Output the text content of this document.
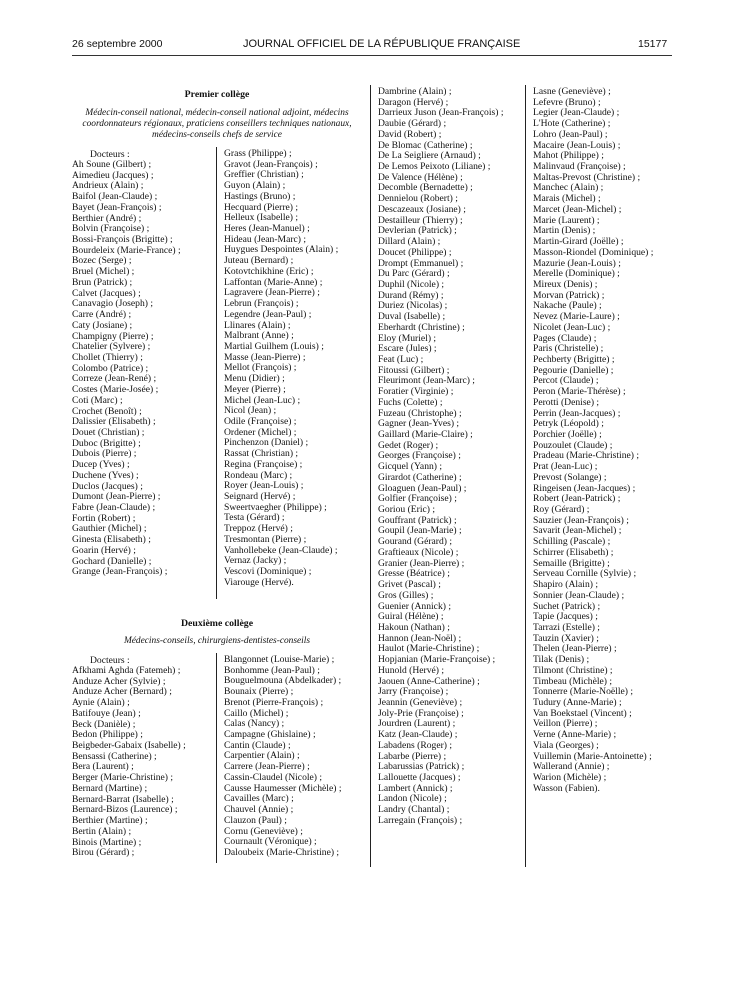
26 septembre 2000	JOURNAL OFFICIEL DE LA RÉPUBLIQUE FRANÇAISE	15177
Premier collège
Médecin-conseil national, médecin-conseil national adjoint, médecins coordonnateurs régionaux, praticiens conseillers techniques nationaux, médecins-conseils chefs de service
Docteurs :
Ah Soune (Gilbert) ;
Aimedieu (Jacques) ;
Andrieux (Alain) ;
Baifol (Jean-Claude) ;
Bayet (Jean-François) ;
Berthier (André) ;
Bolvin (Françoise) ;
Bossi-François (Brigitte) ;
Bourdeleix (Marie-France) ;
Bozec (Serge) ;
Bruel (Michel) ;
Brun (Patrick) ;
Calvet (Jacques) ;
Canavagio (Joseph) ;
Carre (André) ;
Caty (Josiane) ;
Champigny (Pierre) ;
Chatelier (Sylvere) ;
Chollet (Thierry) ;
Colombo (Patrice) ;
Correze (Jean-René) ;
Costes (Marie-Josée) ;
Coti (Marc) ;
Crochet (Benoît) ;
Dalissier (Elisabeth) ;
Douet (Christian) ;
Duboc (Brigitte) ;
Dubois (Pierre) ;
Ducep (Yves) ;
Duchene (Yves) ;
Duclos (Jacques) ;
Dumont (Jean-Pierre) ;
Fabre (Jean-Claude) ;
Fortin (Robert) ;
Gauthier (Michel) ;
Ginesta (Elisabeth) ;
Goarin (Hervé) ;
Gochard (Danielle) ;
Grange (Jean-François) ;
Grass (Philippe) ;
Gravot (Jean-François) ;
Greffier (Christian) ;
Guyon (Alain) ;
Hastings (Bruno) ;
Hecquard (Pierre) ;
Helleux (Isabelle) ;
Heres (Jean-Manuel) ;
Hideau (Jean-Marc) ;
Huygues Despointes (Alain) ;
Juteau (Bernard) ;
Kotovtchikhine (Eric) ;
Laffontan (Marie-Anne) ;
Lagravere (Jean-Pierre) ;
Lebrun (François) ;
Legendre (Jean-Paul) ;
Llinares (Alain) ;
Malbrant (Anne) ;
Martial Guilhem (Louis) ;
Masse (Jean-Pierre) ;
Mellot (François) ;
Menu (Didier) ;
Meyer (Pierre) ;
Michel (Jean-Luc) ;
Nicol (Jean) ;
Odile (Françoise) ;
Ordener (Michel) ;
Pinchenzon (Daniel) ;
Rassat (Christian) ;
Regina (Françoise) ;
Rondeau (Marc) ;
Royer (Jean-Louis) ;
Seignard (Hervé) ;
Sweertvaegher (Philippe) ;
Testa (Gérard) ;
Treppoz (Hervé) ;
Tresmontan (Pierre) ;
Vanhollebeke (Jean-Claude) ;
Vernaz (Jacky) ;
Vescovi (Dominique) ;
Viarouge (Hervé).
Deuxième collège
Médecins-conseils, chirurgiens-dentistes-conseils
Docteurs :
Afkhami Aghda (Fatemeh) ;
Anduze Acher (Sylvie) ;
Anduze Acher (Bernard) ;
Aynie (Alain) ;
Batifouye (Jean) ;
Beck (Danièle) ;
Bedon (Philippe) ;
Beigbeder-Gabaix (Isabelle) ;
Bensassi (Catherine) ;
Bera (Laurent) ;
Berger (Marie-Christine) ;
Bernard (Martine) ;
Bernard-Barrat (Isabelle) ;
Bernard-Bizos (Laurence) ;
Berthier (Martine) ;
Bertin (Alain) ;
Binois (Martine) ;
Birou (Gérard) ;
Blangonnet (Louise-Marie) ;
Bonhomme (Jean-Paul) ;
Bouguelmouna (Abdelkader) ;
Bounaix (Pierre) ;
Brenot (Pierre-François) ;
Caillo (Michel) ;
Calas (Nancy) ;
Campagne (Ghislaine) ;
Cantin (Claude) ;
Carpentier (Alain) ;
Carrere (Jean-Pierre) ;
Cassin-Claudel (Nicole) ;
Causse Haumesser (Michèle) ;
Cavailles (Marc) ;
Chauvel (Annie) ;
Clauzon (Paul) ;
Cornu (Geneviève) ;
Cournault (Véronique) ;
Daloubeix (Marie-Christine) ;
Dambrine (Alain) ;
Daragon (Hervé) ;
Darrieux Juson (Jean-François) ;
Daubie (Gérard) ;
David (Robert) ;
De Blomac (Catherine) ;
De La Seigliere (Arnaud) ;
De Lemos Peixoto (Liliane) ;
De Valence (Hélène) ;
Decomble (Bernadette) ;
Dennielou (Robert) ;
Descazeaux (Josiane) ;
Destailleur (Thierry) ;
Devlerian (Patrick) ;
Dillard (Alain) ;
Doucet (Philippe) ;
Drompt (Emmanuel) ;
Du Parc (Gérard) ;
Duphil (Nicole) ;
Durand (Rémy) ;
Duriez (Nicolas) ;
Duval (Isabelle) ;
Eberhardt (Christine) ;
Eloy (Muriel) ;
Escare (Jules) ;
Feat (Luc) ;
Fitoussi (Gilbert) ;
Fleurimont (Jean-Marc) ;
Foratier (Virginie) ;
Fuchs (Colette) ;
Fuzeau (Christophe) ;
Gagner (Jean-Yves) ;
Gaillard (Marie-Claire) ;
Gedet (Roger) ;
Georges (Françoise) ;
Gicquel (Yann) ;
Girardot (Catherine) ;
Gloaguen (Jean-Paul) ;
Golfier (Françoise) ;
Goriou (Eric) ;
Gouffrant (Patrick) ;
Goupil (Jean-Marie) ;
Gourand (Gérard) ;
Graftieaux (Nicole) ;
Granier (Jean-Pierre) ;
Gresse (Béatrice) ;
Grivet (Pascal) ;
Gros (Gilles) ;
Guenier (Annick) ;
Guiral (Hélène) ;
Hakoun (Nathan) ;
Hannon (Jean-Noël) ;
Haulot (Marie-Christine) ;
Hopjanian (Marie-Françoise) ;
Hunold (Hervé) ;
Jaouen (Anne-Catherine) ;
Jarry (Françoise) ;
Jeannin (Geneviève) ;
Joly-Prie (Françoise) ;
Jourdren (Laurent) ;
Katz (Jean-Claude) ;
Labadens (Roger) ;
Labarbe (Pierre) ;
Labarussias (Patrick) ;
Lallouette (Jacques) ;
Lambert (Annick) ;
Landon (Nicole) ;
Landry (Chantal) ;
Larregain (François) ;
Lasne (Geneviève) ;
Lefevre (Bruno) ;
Legier (Jean-Claude) ;
L'Hote (Catherine) ;
Lohro (Jean-Paul) ;
Macaire (Jean-Louis) ;
Mahot (Philippe) ;
Malinvaud (Françoise) ;
Maltas-Prevost (Christine) ;
Manchec (Alain) ;
Marais (Michel) ;
Marcet (Jean-Michel) ;
Marie (Laurent) ;
Martin (Denis) ;
Martin-Girard (Joëlle) ;
Masson-Riondel (Dominique) ;
Mazurie (Jean-Louis) ;
Merelle (Dominique) ;
Mireux (Denis) ;
Morvan (Patrick) ;
Nakache (Paule) ;
Nevez (Marie-Laure) ;
Nicolet (Jean-Luc) ;
Pages (Claude) ;
Paris (Christelle) ;
Pechberty (Brigitte) ;
Pegourie (Danielle) ;
Percot (Claude) ;
Peron (Marie-Thérèse) ;
Perotti (Denise) ;
Perrin (Jean-Jacques) ;
Petryk (Léopold) ;
Porchier (Joëlle) ;
Pouzoulet (Claude) ;
Pradeau (Marie-Christine) ;
Prat (Jean-Luc) ;
Prevost (Solange) ;
Ringeisen (Jean-Jacques) ;
Robert (Jean-Patrick) ;
Roy (Gérard) ;
Sauzier (Jean-François) ;
Savarit (Jean-Michel) ;
Schilling (Pascale) ;
Schirrer (Elisabeth) ;
Semaille (Brigitte) ;
Serveau Cornille (Sylvie) ;
Shapiro (Alain) ;
Sonnier (Jean-Claude) ;
Suchet (Patrick) ;
Tapie (Jacques) ;
Tarrazi (Estelle) ;
Tauzin (Xavier) ;
Thelen (Jean-Pierre) ;
Tilak (Denis) ;
Tilmont (Christine) ;
Timbeau (Michèle) ;
Tonnerre (Marie-Noëlle) ;
Tudury (Anne-Marie) ;
Van Boekstael (Vincent) ;
Veillon (Pierre) ;
Verne (Anne-Marie) ;
Viala (Georges) ;
Vuillemin (Marie-Antoinette) ;
Wallerand (Annie) ;
Warion (Michèle) ;
Wasson (Fabien).
